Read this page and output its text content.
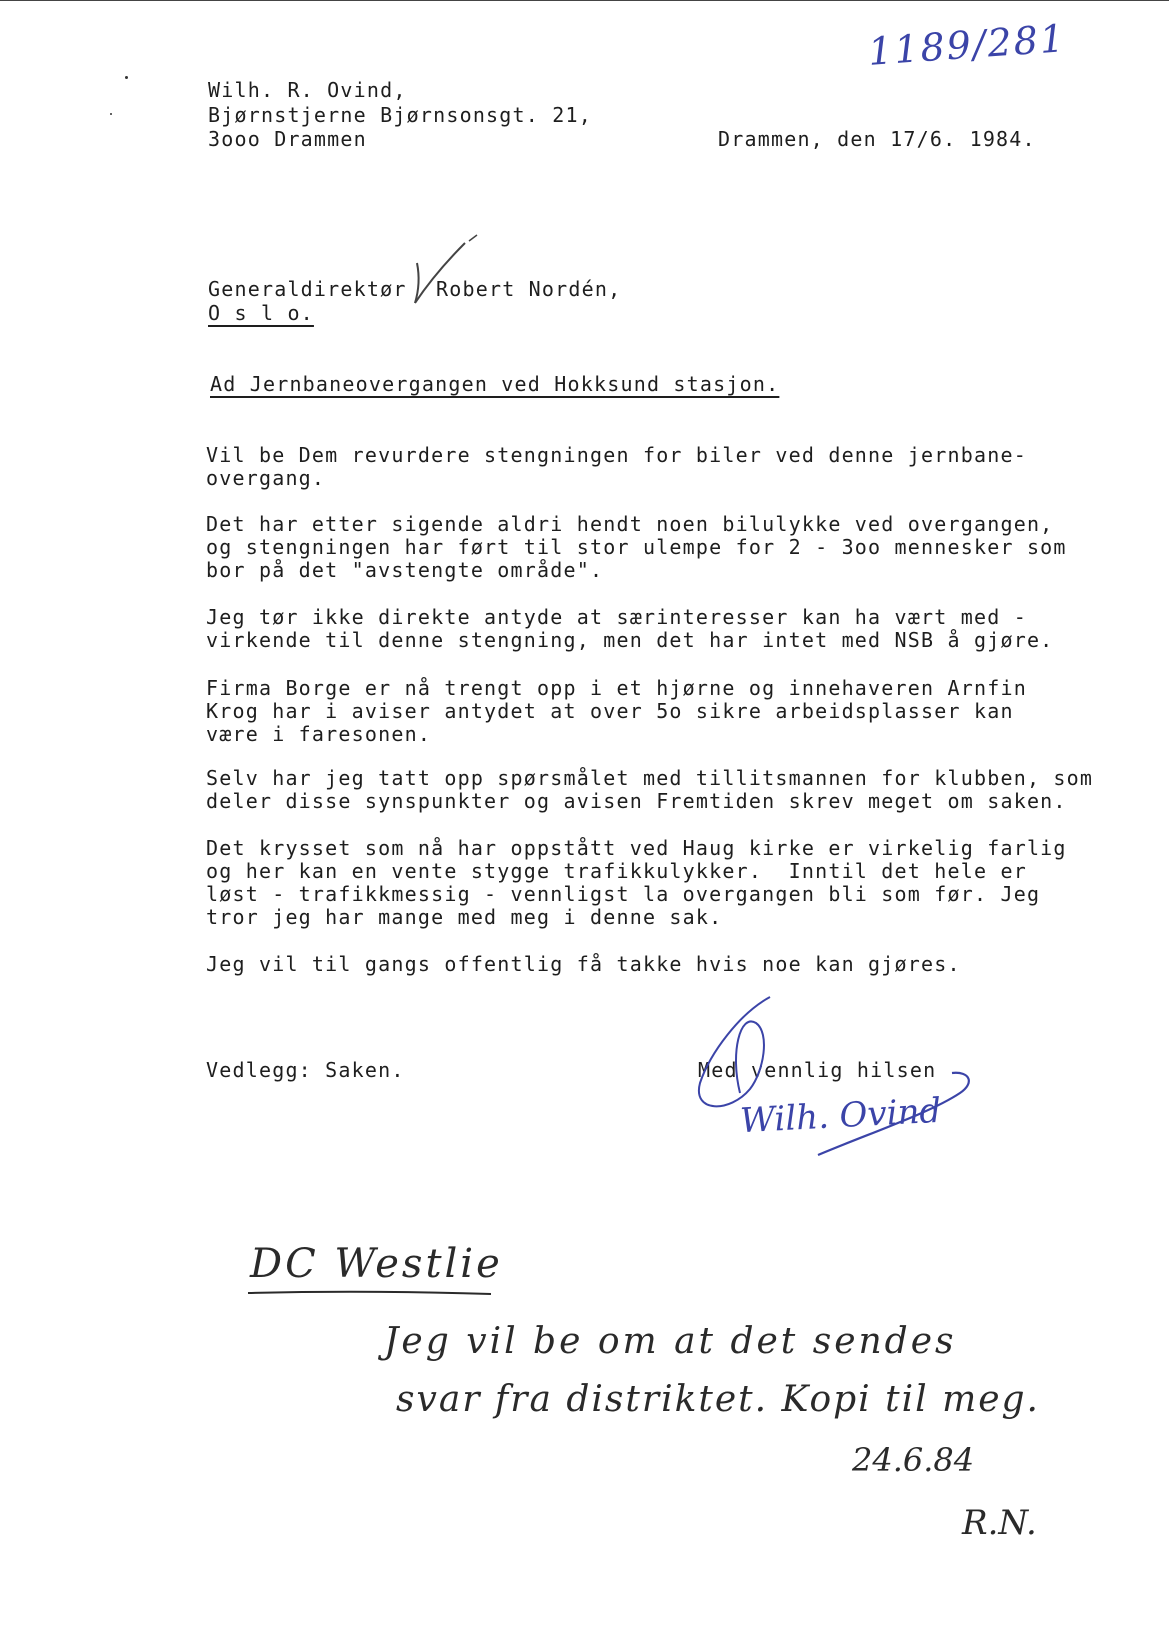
1189/281
Wilh. R. Ovind,
Bjørnstjerne Bjørnsonsgt. 21,
3ooo Drammen	Drammen, den 17/6. 1984.
Generaldirektør Robert Nordén,
O s l o.
Ad Jernbaneovergangen ved Hokksund stasjon.
Vil be Dem revurdere stengningen for biler ved denne jernbane-
overgang.
Det har etter sigende aldri hendt noen bilulykke ved overgangen,
og stengningen har ført til stor ulempe for 2 - 3oo mennesker som
bor på det "avstengte område".
Jeg tør ikke direkte antyde at særinteresser kan ha vært med -
virkende til denne stengning, men det har intet med NSB å gjøre.
Firma Borge er nå trengt opp i et hjørne og innehaveren Arnfin
Krog har i aviser antydet at over 5o sikre arbeidsplasser kan
være i faresonen.
Selv har jeg tatt opp spørsmålet med tillitsmannen for klubben, som
deler disse synspunkter og avisen Fremtiden skrev meget om saken.
Det krysset som nå har oppstått ved Haug kirke er virkelig farlig
og her kan en vente stygge trafikkulykker.  Inntil det hele er
løst - trafikkmessig - vennligst la overgangen bli som før. Jeg
tror jeg har mange med meg i denne sak.
Jeg vil til gangs offentlig få takke hvis noe kan gjøres.
Vedlegg: Saken.	Med vennlig hilsen
Wilh. Ovind
DC Westlie
Jeg vil be om at det sendes
svar fra distriktet. Kopi til meg.
24.6.84
R.N.
